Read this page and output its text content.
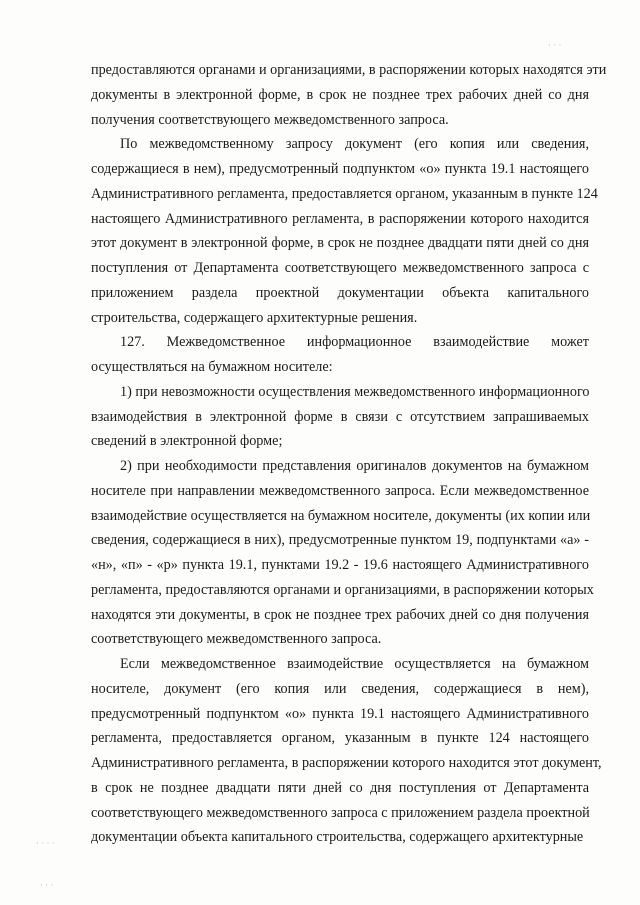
предоставляются органами и организациями, в распоряжении которых находятся эти
документы в электронной форме, в срок не позднее трех рабочих дней со дня
получения соответствующего межведомственного запроса.
По межведомственному запросу документ (его копия или сведения,
содержащиеся в нем), предусмотренный подпунктом «о» пункта 19.1 настоящего
Административного регламента, предоставляется органом, указанным в пункте 124
настоящего Административного регламента, в распоряжении которого находится
этот документ в электронной форме, в срок не позднее двадцати пяти дней со дня
поступления от Департамента соответствующего межведомственного запроса с
приложением раздела проектной документации объекта капитального
строительства, содержащего архитектурные решения.
127. Межведомственное информационное взаимодействие может
осуществляться на бумажном носителе:
1) при невозможности осуществления межведомственного информационного
взаимодействия в электронной форме в связи с отсутствием запрашиваемых
сведений в электронной форме;
2) при необходимости представления оригиналов документов на бумажном
носителе при направлении межведомственного запроса. Если межведомственное
взаимодействие осуществляется на бумажном носителе, документы (их копии или
сведения, содержащиеся в них), предусмотренные пунктом 19, подпунктами «а» -
«н», «п» - «р» пункта 19.1, пунктами 19.2 - 19.6 настоящего Административного
регламента, предоставляются органами и организациями, в распоряжении которых
находятся эти документы, в срок не позднее трех рабочих дней со дня получения
соответствующего межведомственного запроса.
Если межведомственное взаимодействие осуществляется на бумажном
носителе, документ (его копия или сведения, содержащиеся в нем),
предусмотренный подпунктом «о» пункта 19.1 настоящего Административного
регламента, предоставляется органом, указанным в пункте 124 настоящего
Административного регламента, в распоряжении которого находится этот документ,
в срок не позднее двадцати пяти дней со дня поступления от Департамента
соответствующего межведомственного запроса с приложением раздела проектной
документации объекта капитального строительства, содержащего архитектурные
· · ·
· · · ·
· · ·
